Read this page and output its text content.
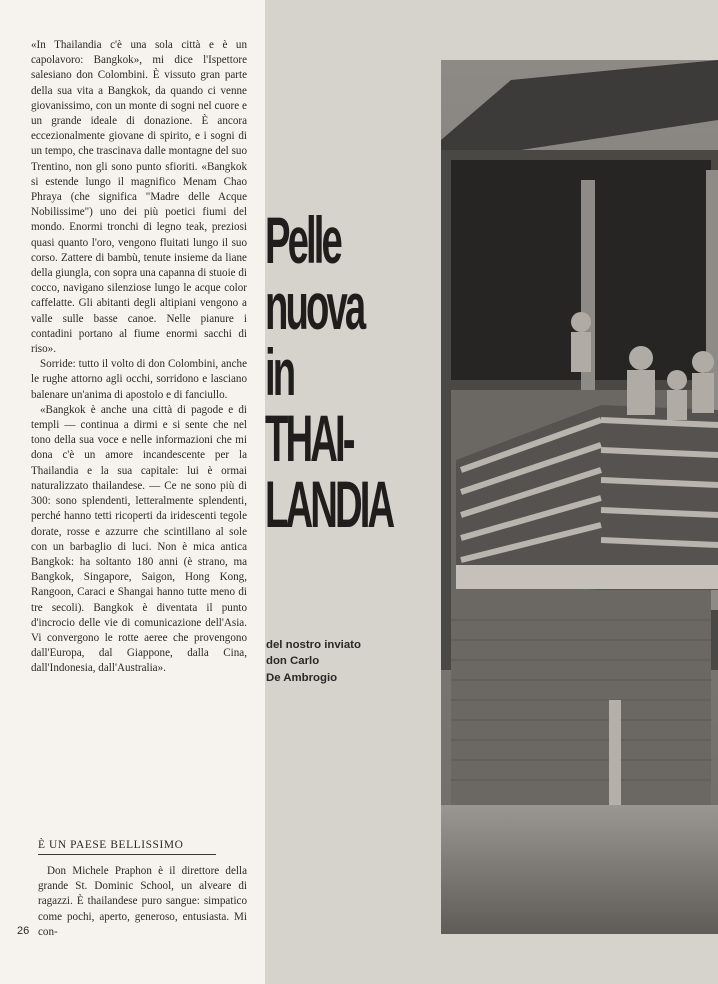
«In Thailandia c'è una sola città e è un capolavoro: Bangkok», mi dice l'Ispettore salesiano don Colombini. È vissuto gran parte della sua vita a Bangkok, da quando ci venne giovanissimo, con un monte di sogni nel cuore e un grande ideale di donazione. È ancora eccezionalmente giovane di spirito, e i sogni di un tempo, che trascinava dalle montagne del suo Trentino, non gli sono punto sfioriti. «Bangkok si estende lungo il magnifico Menam Chao Phraya (che significa "Madre delle Acque Nobilissime") uno dei più poetici fiumi del mondo. Enormi tronchi di legno teak, preziosi quasi quanto l'oro, vengono fluitati lungo il suo corso. Zattere di bambù, tenute insieme da liane della giungla, con sopra una capanna di stuoie di cocco, navigano silenziose lungo le acque color caffelatte. Gli abitanti degli altipiani vengono a valle sulle basse canoe. Nelle pianure i contadini portano al fiume enormi sacchi di riso».

Sorride: tutto il volto di don Colombini, anche le rughe attorno agli occhi, sorridono e lasciano balenare un'anima di apostolo e di fanciullo.

«Bangkok è anche una città di pagode e di templi — continua a dirmi e si sente che nel tono della sua voce e nelle informazioni che mi dona c'è un amore incandescente per la Thailandia e la sua capitale: lui è ormai naturalizzato thailandese. — Ce ne sono più di 300: sono splendenti, letteralmente splendenti, perché hanno tetti ricoperti da iridescenti tegole dorate, rosse e azzurre che scintillano al sole con un barbaglio di luci. Non è mica antica Bangkok: ha soltanto 180 anni (è strano, ma Bangkok, Singapore, Saigon, Hong Kong, Rangoon, Caraci e Shangai hanno tutte meno di tre secoli). Bangkok è diventata il punto d'incrocio delle vie di comunicazione dell'Asia. Vi convergono le rotte aeree che provengono dall'Europa, dal Giappone, dalla Cina, dall'Indonesia, dall'Australia».

È UN PAESE BELLISSIMO

Don Michele Praphon è il direttore della grande St. Dominic School, un alveare di ragazzi. È thailandese puro sangue: simpatico come pochi, aperto, generoso, entusiasta. Mi con-

26
Pelle
nuova
in
THAI-
LANDIA
del nostro inviato
don Carlo
De Ambrogio
